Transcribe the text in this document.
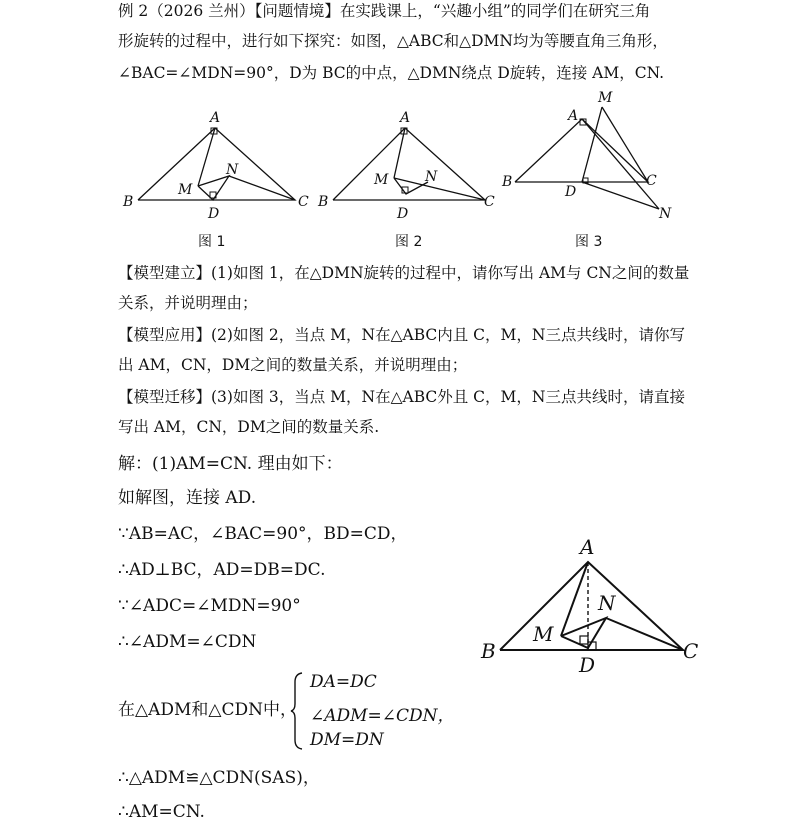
例 2（2026 兰州）【问题情境】在实践课上，“兴趣小组”的同学们在研究三角
形旋转的过程中，进行如下探究：如图，△ABC和△DMN均为等腰直角三角形，
∠BAC=∠MDN=90°，D为 BC的中点，△DMN绕点 D旋转，连接 AM，CN.
A
B	C
D
M
N
图 1
A
B	C
D
M	N
图 2
A
M
B	C
D
N
图 3
【模型建立】(1)如图 1，在△DMN旋转的过程中，请你写出 AM与 CN之间的数量
关系，并说明理由；
【模型应用】(2)如图 2，当点 M，N在△ABC内且 C，M，N三点共线时，请你写
出 AM，CN，DM之间的数量关系，并说明理由；
【模型迁移】(3)如图 3，当点 M，N在△ABC外且 C，M，N三点共线时，请直接
写出 AM，CN，DM之间的数量关系.
解：(1)AM=CN. 理由如下：
如解图，连接 AD.
∵AB=AC，∠BAC=90°，BD=CD，
∴AD⊥BC，AD=DB=DC.
∵∠ADC=∠MDN=90°
∴∠ADM=∠CDN
在△ADM和△CDN中，
DA=DC
∠ADM=∠CDN，
DM=DN
∴△ADM≌△CDN(SAS)，
∴AM=CN.
A
B	C
D
M
N
